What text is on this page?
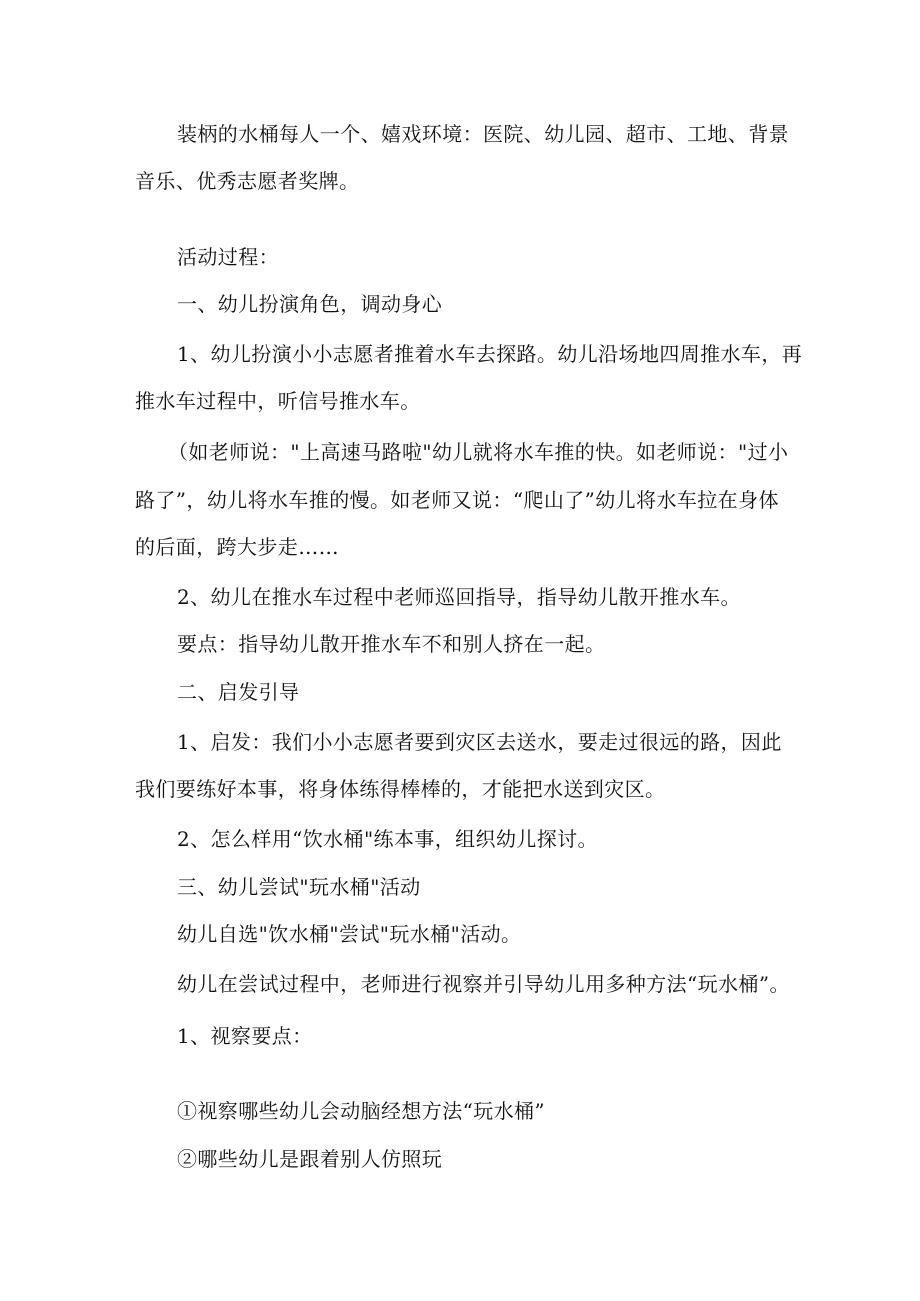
装柄的水桶每人一个、嬉戏环境：医院、幼儿园、超市、工地、背景
音乐、优秀志愿者奖牌。
活动过程：
一、幼儿扮演角色，调动身心
1、幼儿扮演小小志愿者推着水车去探路。幼儿沿场地四周推水车，再
推水车过程中，听信号推水车。
（如老师说："上高速马路啦"幼儿就将水车推的快。如老师说："过小
路了”，幼儿将水车推的慢。如老师又说：“爬山了”幼儿将水车拉在身体
的后面，跨大步走……
2、幼儿在推水车过程中老师巡回指导，指导幼儿散开推水车。
要点：指导幼儿散开推水车不和别人挤在一起。
二、启发引导
1、启发：我们小小志愿者要到灾区去送水，要走过很远的路，因此
我们要练好本事，将身体练得棒棒的，才能把水送到灾区。
2、怎么样用“饮水桶"练本事，组织幼儿探讨。
三、幼儿尝试"玩水桶"活动
幼儿自选"饮水桶"尝试"玩水桶"活动。
幼儿在尝试过程中，老师进行视察并引导幼儿用多种方法“玩水桶”。
1、视察要点：
①视察哪些幼儿会动脑经想方法“玩水桶”
②哪些幼儿是跟着别人仿照玩
